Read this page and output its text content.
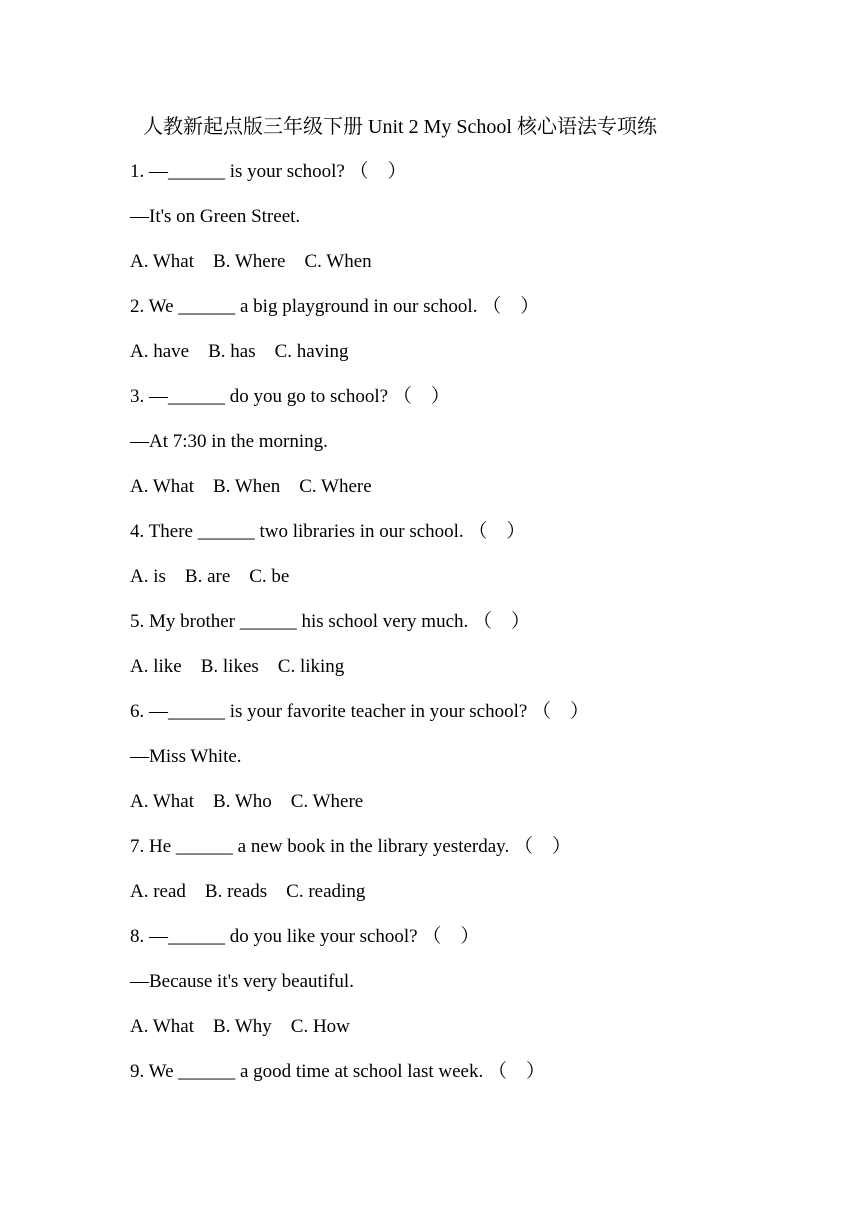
人教新起点版三年级下册 Unit 2 My School 核心语法专项练
1. —______ is your school? （　）
—It's on Green Street.
A. What　B. Where　C. When
2. We ______ a big playground in our school. （　）
A. have　B. has　C. having
3. —______ do you go to school? （　）
—At 7:30 in the morning.
A. What　B. When　C. Where
4. There ______ two libraries in our school. （　）
A. is　B. are　C. be
5. My brother ______ his school very much. （　）
A. like　B. likes　C. liking
6. —______ is your favorite teacher in your school? （　）
—Miss White.
A. What　B. Who　C. Where
7. He ______ a new book in the library yesterday. （　）
A. read　B. reads　C. reading
8. —______ do you like your school? （　）
—Because it's very beautiful.
A. What　B. Why　C. How
9. We ______ a good time at school last week. （　）
